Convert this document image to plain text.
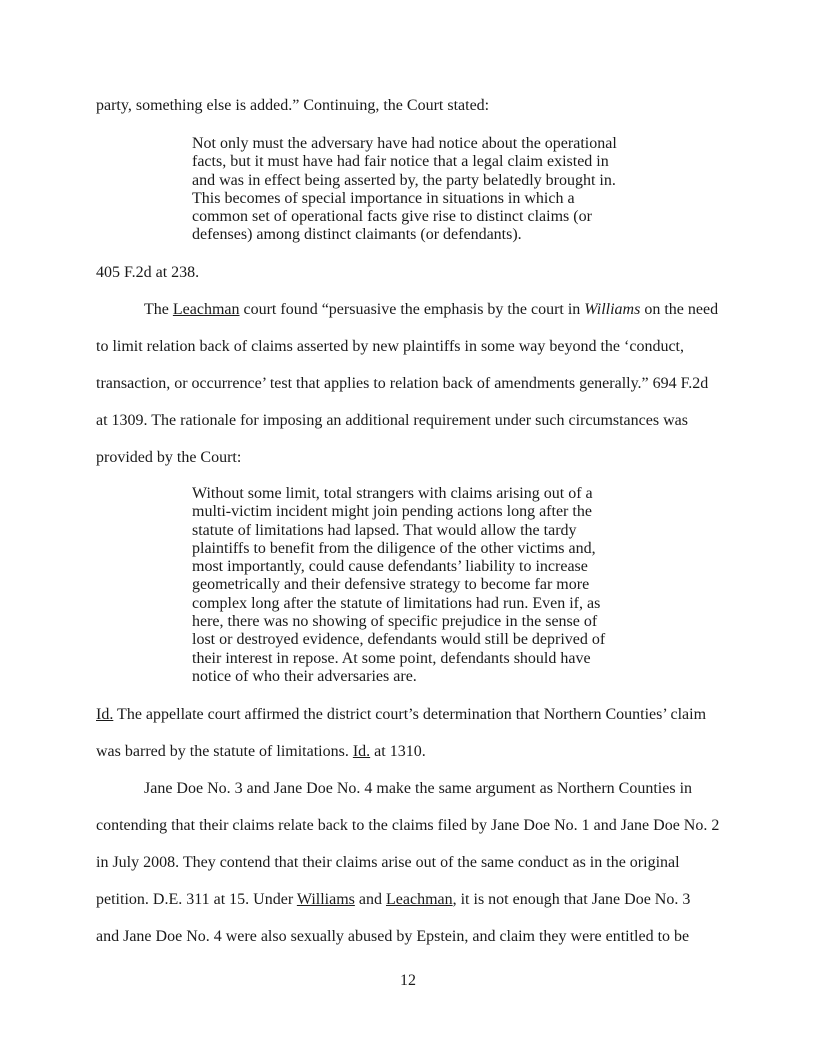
party, something else is added.” Continuing, the Court stated:
Not only must the adversary have had notice about the operational
facts, but it must have had fair notice that a legal claim existed in
and was in effect being asserted by, the party belatedly brought in.
This becomes of special importance in situations in which a
common set of operational facts give rise to distinct claims (or
defenses) among distinct claimants (or defendants).
405 F.2d at 238.
The Leachman court found “persuasive the emphasis by the court in Williams on the need
to limit relation back of claims asserted by new plaintiffs in some way beyond the ‘conduct,
transaction, or occurrence’ test that applies to relation back of amendments generally.” 694 F.2d
at 1309. The rationale for imposing an additional requirement under such circumstances was
provided by the Court:
Without some limit, total strangers with claims arising out of a
multi-victim incident might join pending actions long after the
statute of limitations had lapsed. That would allow the tardy
plaintiffs to benefit from the diligence of the other victims and,
most importantly, could cause defendants’ liability to increase
geometrically and their defensive strategy to become far more
complex long after the statute of limitations had run. Even if, as
here, there was no showing of specific prejudice in the sense of
lost or destroyed evidence, defendants would still be deprived of
their interest in repose. At some point, defendants should have
notice of who their adversaries are.
Id. The appellate court affirmed the district court’s determination that Northern Counties’ claim
was barred by the statute of limitations. Id. at 1310.
Jane Doe No. 3 and Jane Doe No. 4 make the same argument as Northern Counties in
contending that their claims relate back to the claims filed by Jane Doe No. 1 and Jane Doe No. 2
in July 2008. They contend that their claims arise out of the same conduct as in the original
petition. D.E. 311 at 15. Under Williams and Leachman, it is not enough that Jane Doe No. 3
and Jane Doe No. 4 were also sexually abused by Epstein, and claim they were entitled to be
12
